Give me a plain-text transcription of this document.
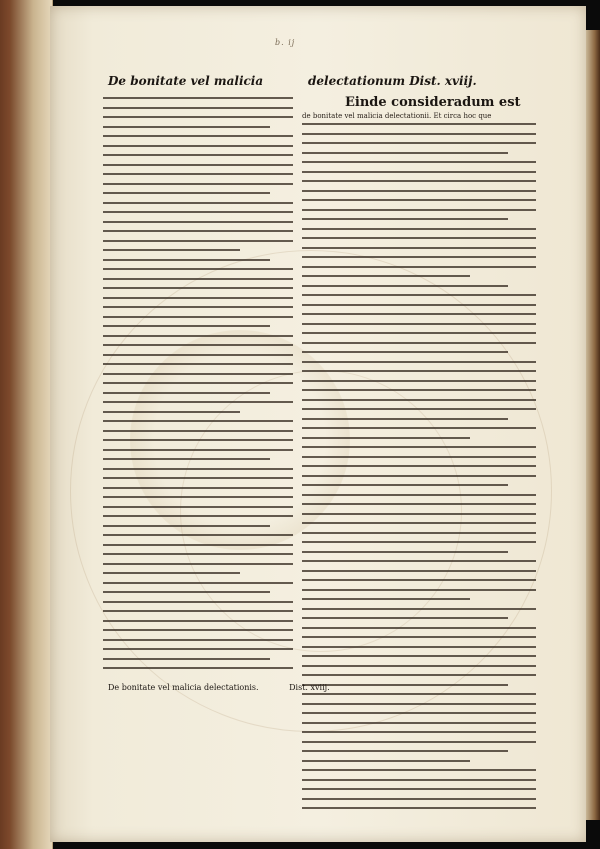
b. ij
De bonitate vel malicia	delectationum Dist. xviij.
Einde consideradum est
de bonitate vel malicia delectationii. Et circa hoc que
De bonitate vel malicia delectationis.	Dist. xviij.
